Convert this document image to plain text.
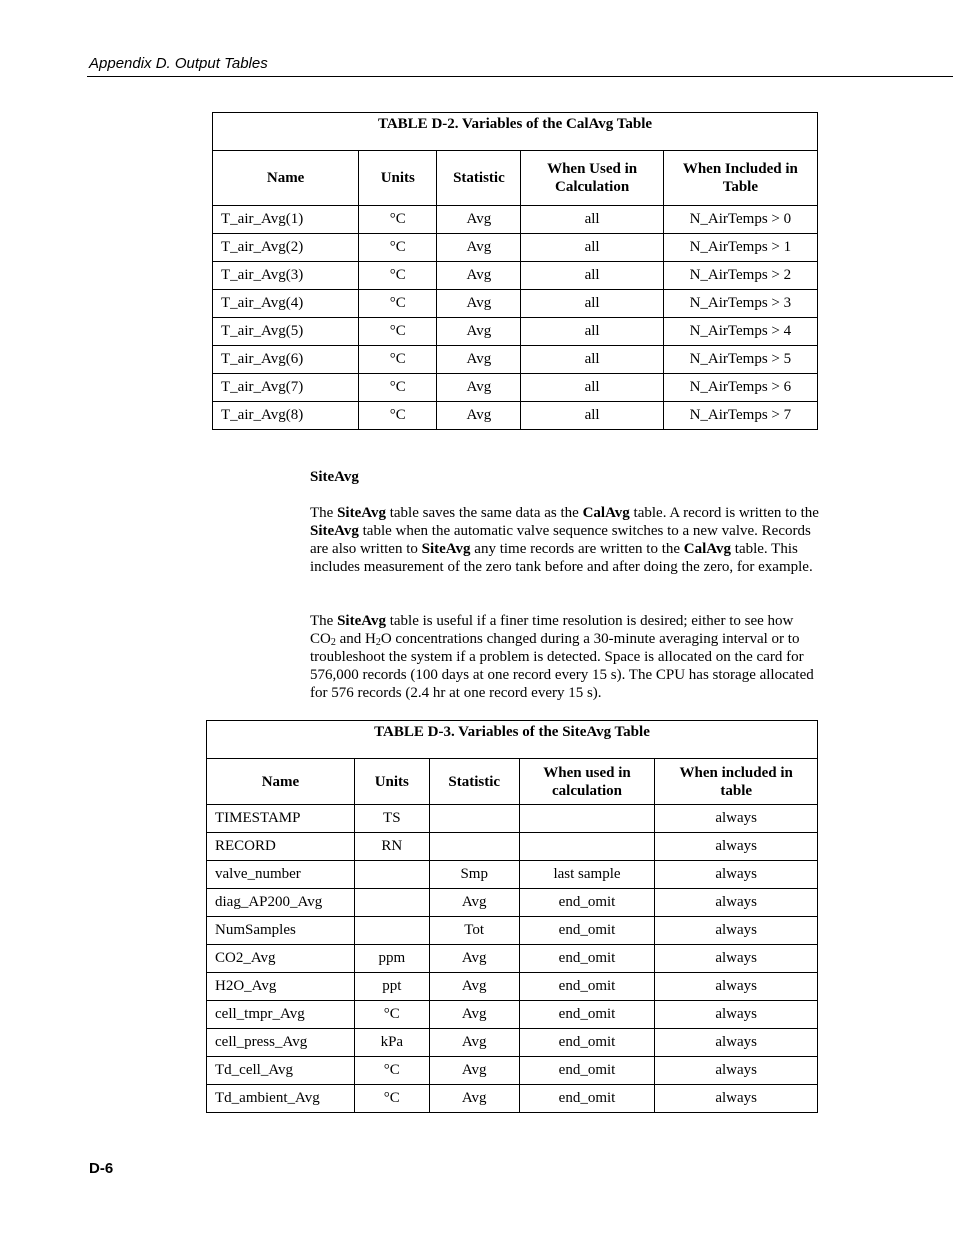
Appendix D. Output Tables
TABLE D-2. Variables of the CalAvg Table				
Name	Units	Statistic	When Used in Calculation	When Included in Table
T_air_Avg(1)	°C	Avg	all	N_AirTemps > 0
T_air_Avg(2)	°C	Avg	all	N_AirTemps > 1
T_air_Avg(3)	°C	Avg	all	N_AirTemps > 2
T_air_Avg(4)	°C	Avg	all	N_AirTemps > 3
T_air_Avg(5)	°C	Avg	all	N_AirTemps > 4
T_air_Avg(6)	°C	Avg	all	N_AirTemps > 5
T_air_Avg(7)	°C	Avg	all	N_AirTemps > 6
T_air_Avg(8)	°C	Avg	all	N_AirTemps > 7
SiteAvg

The SiteAvg table saves the same data as the CalAvg table. A record is written to the SiteAvg table when the automatic valve sequence switches to a new valve. Records are also written to SiteAvg any time records are written to the CalAvg table. This includes measurement of the zero tank before and after doing the zero, for example.

The SiteAvg table is useful if a finer time resolution is desired; either to see how $CO_2$ and $H_2O$ concentrations changed during a 30-minute averaging interval or to troubleshoot the system if a problem is detected. Space is allocated on the card for 576,000 records (100 days at one record every 15 s). The CPU has storage allocated for 576 records (2.4 hr at one record every 15 s).

TABLE D-3. Variables of the SiteAvg Table				
Name	Units	Statistic	When used in calculation	When included in table
TIMESTAMP	TS			always
RECORD	RN			always
valve_number		Smp	last sample	always
diag_AP200_Avg		Avg	end_omit	always
NumSamples		Tot	end_omit	always
CO2_Avg	ppm	Avg	end_omit	always
H2O_Avg	ppt	Avg	end_omit	always
cell_tmpr_Avg	°C	Avg	end_omit	always
cell_press_Avg	kPa	Avg	end_omit	always
Td_cell_Avg	°C	Avg	end_omit	always
Td_ambient_Avg	°C	Avg	end_omit	always
D-6
